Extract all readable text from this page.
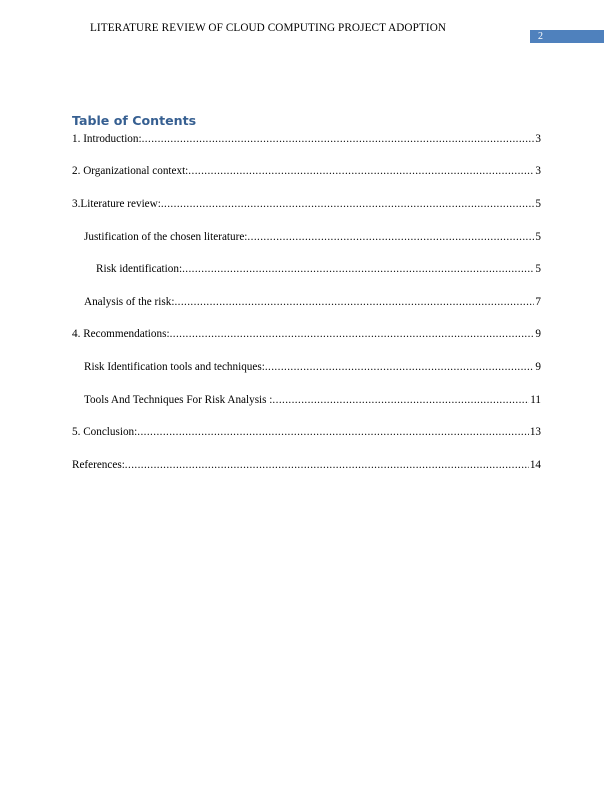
LITERATURE REVIEW OF CLOUD COMPUTING PROJECT ADOPTION
2
Table of Contents
1. Introduction: .....	3
2. Organizational context: .....	3
3.Literature review: .....	5
Justification of the chosen literature: .....	5
Risk identification: .....	5
Analysis of the risk: .....	7
4. Recommendations: .....	9
Risk Identification tools and techniques: .....	9
Tools And Techniques For Risk Analysis : .....	11
5. Conclusion: .....	13
References: .....	14
